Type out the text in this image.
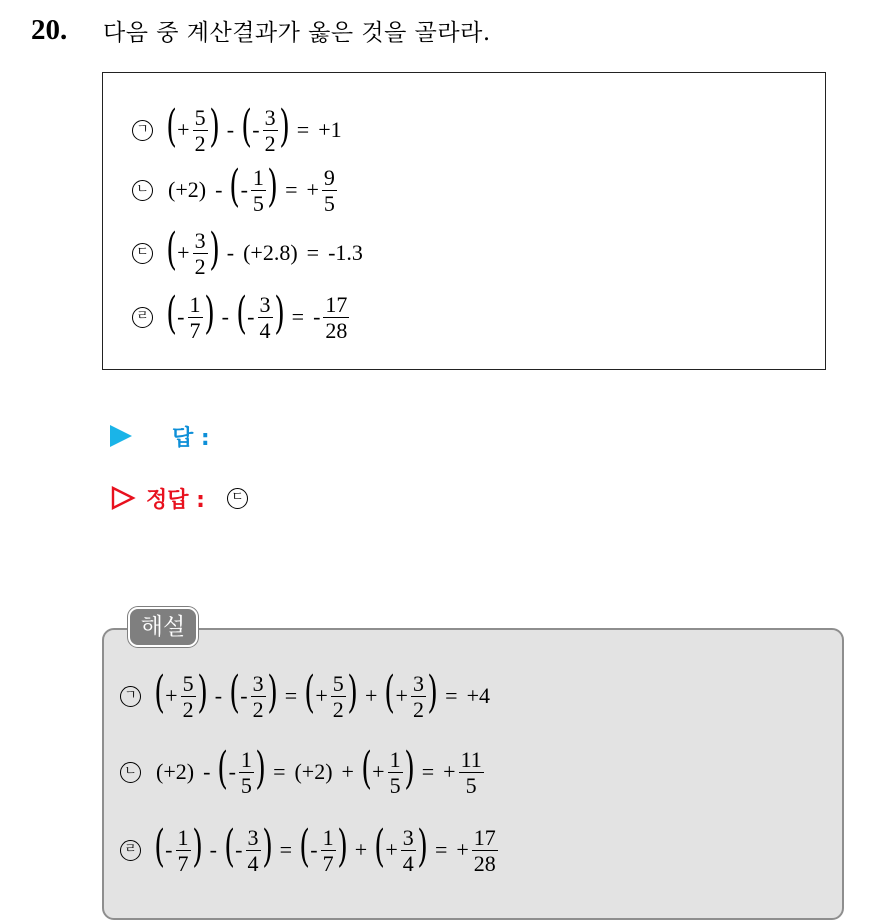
20.	다음 중 계산결과가 옳은 것을 골라라.
ㄱ ( + $\frac{5}{2}$ ) - ( - $\frac{3}{2}$ ) = +1
ㄴ (+2) - ( - $\frac{1}{5}$ ) = + $\frac{9}{5}$
ㄷ ( + $\frac{3}{2}$ ) - (+2.8) = -1.3
ㄹ ( - $\frac{1}{7}$ ) - ( - $\frac{3}{4}$ ) = - $\frac{17}{28}$
답 :
정답 :	ㄷ
해설
ㄱ ( + $\frac{5}{2}$ ) - ( - $\frac{3}{2}$ ) = ( + $\frac{5}{2}$ ) + ( + $\frac{3}{2}$ ) = +4
ㄴ (+2) - ( - $\frac{1}{5}$ ) = (+2) + ( + $\frac{1}{5}$ ) = + $\frac{11}{5}$
ㄹ ( - $\frac{1}{7}$ ) - ( - $\frac{3}{4}$ ) = ( - $\frac{1}{7}$ ) + ( + $\frac{3}{4}$ ) = + $\frac{17}{28}$
